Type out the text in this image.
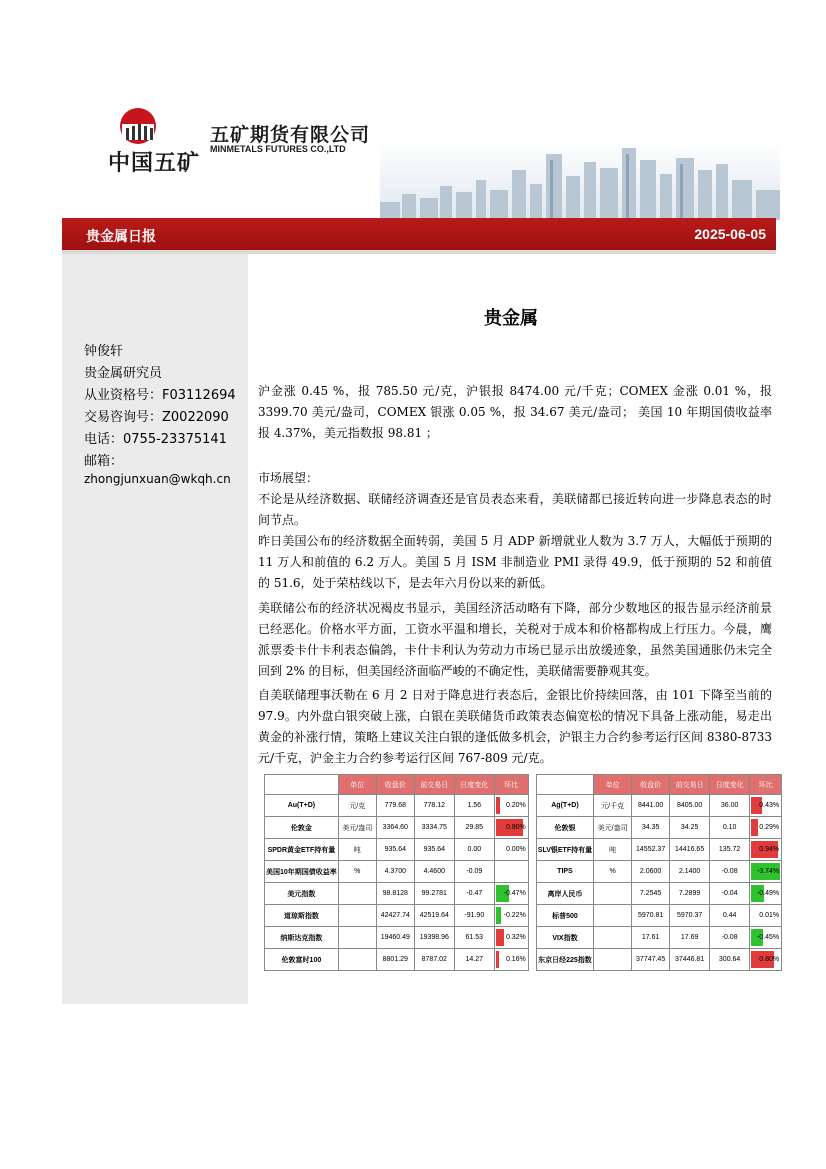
中国五矿
五矿期货有限公司
MINMETALS FUTURES CO.,LTD
贵金属日报	2025-06-05
钟俊轩
贵金属研究员
从业资格号：F03112694
交易咨询号：Z0022090
电话：0755-23375141
邮箱：
zhongjunxuan@wkqh.cn
贵金属
沪金涨 0.45 %，报 785.50 元/克，沪银报 8474.00 元/千克；COMEX 金涨 0.01 %，报 3399.70 美元/盎司，COMEX 银涨 0.05 %，报 34.67 美元/盎司； 美国 10 年期国债收益率报 4.37%，美元指数报 98.81 ；
市场展望：
不论是从经济数据、联储经济调查还是官员表态来看，美联储都已接近转向进一步降息表态的时间节点。
昨日美国公布的经济数据全面转弱，美国 5 月 ADP 新增就业人数为 3.7 万人，大幅低于预期的 11 万人和前值的 6.2 万人。美国 5 月 ISM 非制造业 PMI 录得 49.9，低于预期的 52 和前值的 51.6，处于荣枯线以下，是去年六月份以来的新低。
美联储公布的经济状况褐皮书显示，美国经济活动略有下降，部分少数地区的报告显示经济前景已经恶化。价格水平方面，工资水平温和增长，关税对于成本和价格都构成上行压力。今晨，鹰派票委卡什卡利表态偏鸽，卡什卡利认为劳动力市场已显示出放缓迹象，虽然美国通胀仍未完全回到 2% 的目标，但美国经济面临严峻的不确定性，美联储需要静观其变。
自美联储理事沃勒在 6 月 2 日对于降息进行表态后，金银比价持续回落，由 101 下降至当前的 97.9。内外盘白银突破上涨，白银在美联储货币政策表态偏宽松的情况下具备上涨动能，易走出黄金的补涨行情，策略上建议关注白银的逢低做多机会，沪银主力合约参考运行区间 8380-8733 元/千克，沪金主力合约参考运行区间 767-809 元/克。
	单位	收盘价	前交易日	日度变化	环比			单位	收盘价	前交易日	日度变化	环比
Au(T+D)	元/克	779.68	778.12	1.56	0.20%		Ag(T+D)	元/千克	8441.00	8405.00	36.00	0.43%
伦敦金	美元/盎司	3364.60	3334.75	29.85	0.90%		伦敦银	美元/盎司	34.35	34.25	0.10	0.29%
SPDR黄金ETF持有量	吨	935.64	935.64	0.00	0.00%		SLV银ETF持有量	吨	14552.37	14416.65	135.72	0.94%
美国10年期国债收益率	%	4.3700	4.4600	-0.09			TIPS	%	2.0600	2.1400	-0.08	-3.74%
美元指数		98.8128	99.2781	-0.47	-0.47%		离岸人民币		7.2545	7.2899	-0.04	-0.49%
道琼斯指数		42427.74	42519.64	-91.90	-0.22%		标普500		5970.81	5970.37	0.44	0.01%
纳斯达克指数		19460.49	19398.96	61.53	0.32%		VIX指数		17.61	17.69	-0.08	-0.45%
伦敦富时100		8801.29	8787.02	14.27	0.16%		东京日经225指数		37747.45	37446.81	300.64	0.80%
